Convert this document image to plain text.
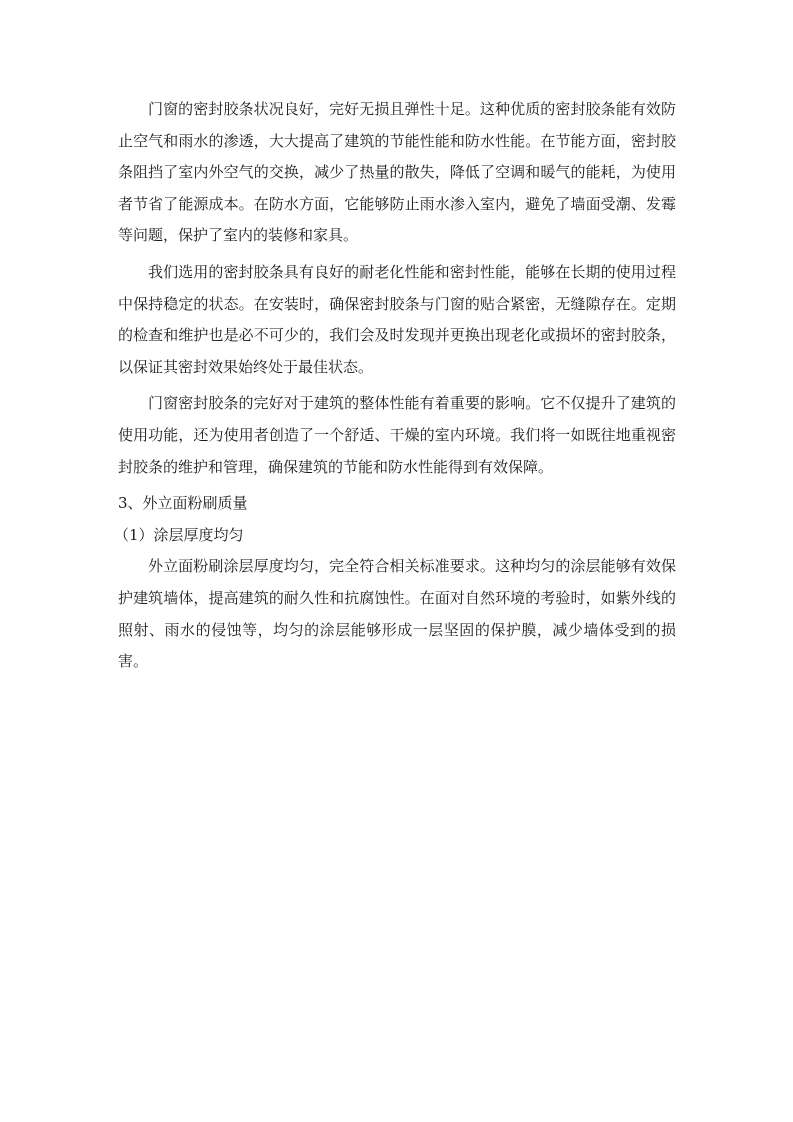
门窗的密封胶条状况良好，完好无损且弹性十足。这种优质的密封胶条能有效防止空气和雨水的渗透，大大提高了建筑的节能性能和防水性能。在节能方面，密封胶条阻挡了室内外空气的交换，减少了热量的散失，降低了空调和暖气的能耗，为使用者节省了能源成本。在防水方面，它能够防止雨水渗入室内，避免了墙面受潮、发霉等问题，保护了室内的装修和家具。

我们选用的密封胶条具有良好的耐老化性能和密封性能，能够在长期的使用过程中保持稳定的状态。在安装时，确保密封胶条与门窗的贴合紧密，无缝隙存在。定期的检查和维护也是必不可少的，我们会及时发现并更换出现老化或损坏的密封胶条，以保证其密封效果始终处于最佳状态。

门窗密封胶条的完好对于建筑的整体性能有着重要的影响。它不仅提升了建筑的使用功能，还为使用者创造了一个舒适、干燥的室内环境。我们将一如既往地重视密封胶条的维护和管理，确保建筑的节能和防水性能得到有效保障。

3、外立面粉刷质量

（1）涂层厚度均匀

外立面粉刷涂层厚度均匀，完全符合相关标准要求。这种均匀的涂层能够有效保护建筑墙体，提高建筑的耐久性和抗腐蚀性。在面对自然环境的考验时，如紫外线的照射、雨水的侵蚀等，均匀的涂层能够形成一层坚固的保护膜，减少墙体受到的损害。
